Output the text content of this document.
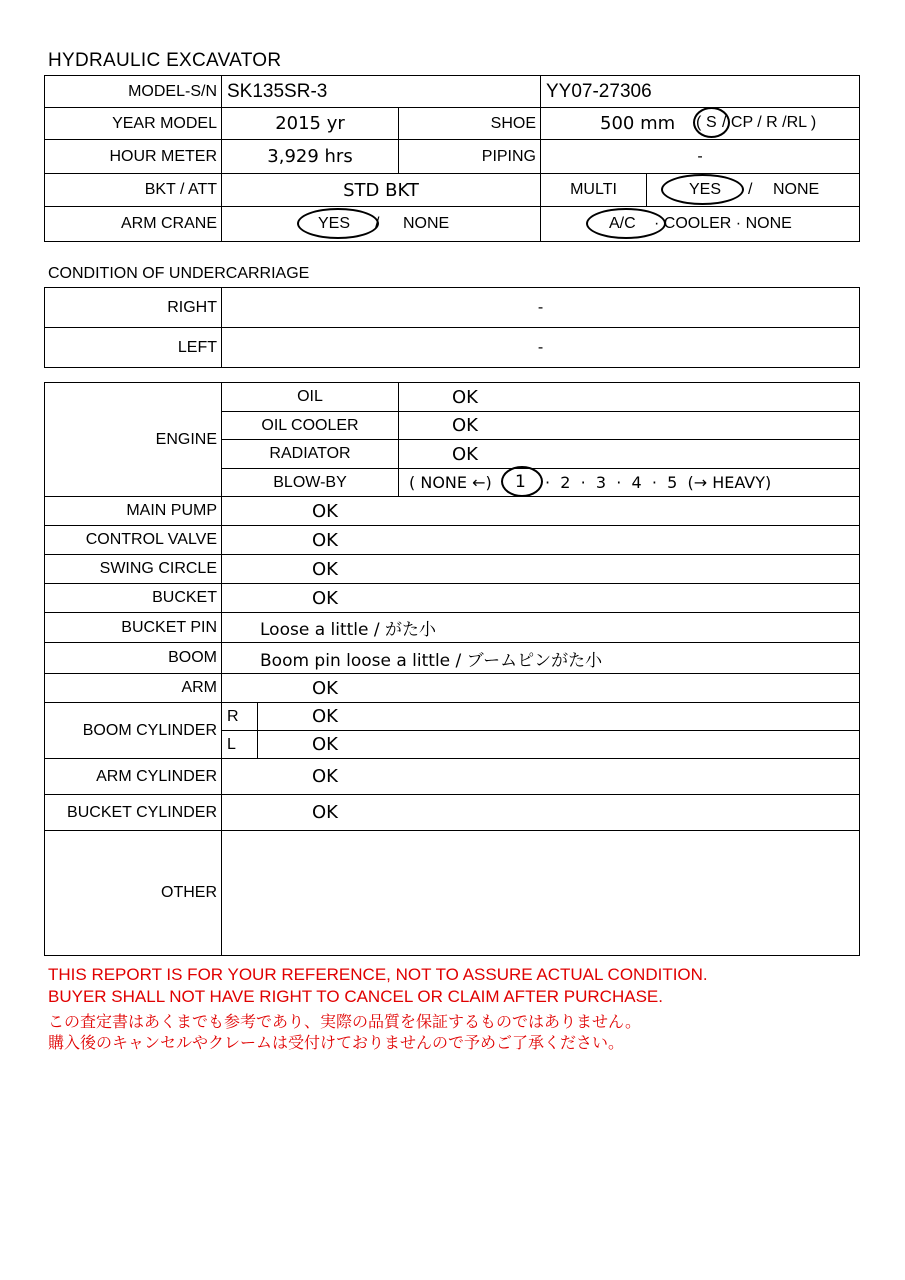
HYDRAULIC EXCAVATOR
MODEL-S/N	SK135SR-3		YY07-27306	
YEAR MODEL	2015 yr	SHOE	500 mm ( S / CP / R /RL )	

HOUR METER	3,929 hrs	PIPING	-	
BKT / ATT	STD BKT		MULTI	YES / NONE

ARM CRANE	YES / NONE		A/C · COOLER · NONE	
CONDITION OF UNDERCARRIAGE
RIGHT	-
LEFT	-
ENGINE	OIL		OK
	OIL COOLER		OK
	RADIATOR		OK
	BLOW-BY		( NONE ←) 1 ·  2  ·  3  ·  4  ·  5  (→ HEAVY)

MAIN PUMP	OK		
CONTROL VALVE	OK		
SWING CIRCLE	OK		
BUCKET	OK		
BUCKET PIN	Loose a little / がた小		
BOOM	Boom pin loose a little / ブームピンがた小		
ARM	OK		
BOOM CYLINDER	R	OK	
	L	OK	
ARM CYLINDER	OK		
BUCKET CYLINDER	OK		
OTHER			
THIS REPORT IS FOR YOUR REFERENCE, NOT TO ASSURE ACTUAL CONDITION.
BUYER SHALL NOT HAVE RIGHT TO CANCEL OR CLAIM AFTER PURCHASE.
この査定書はあくまでも参考であり、実際の品質を保証するものではありません。
購入後のキャンセルやクレームは受付けておりませんので予めご了承ください。
